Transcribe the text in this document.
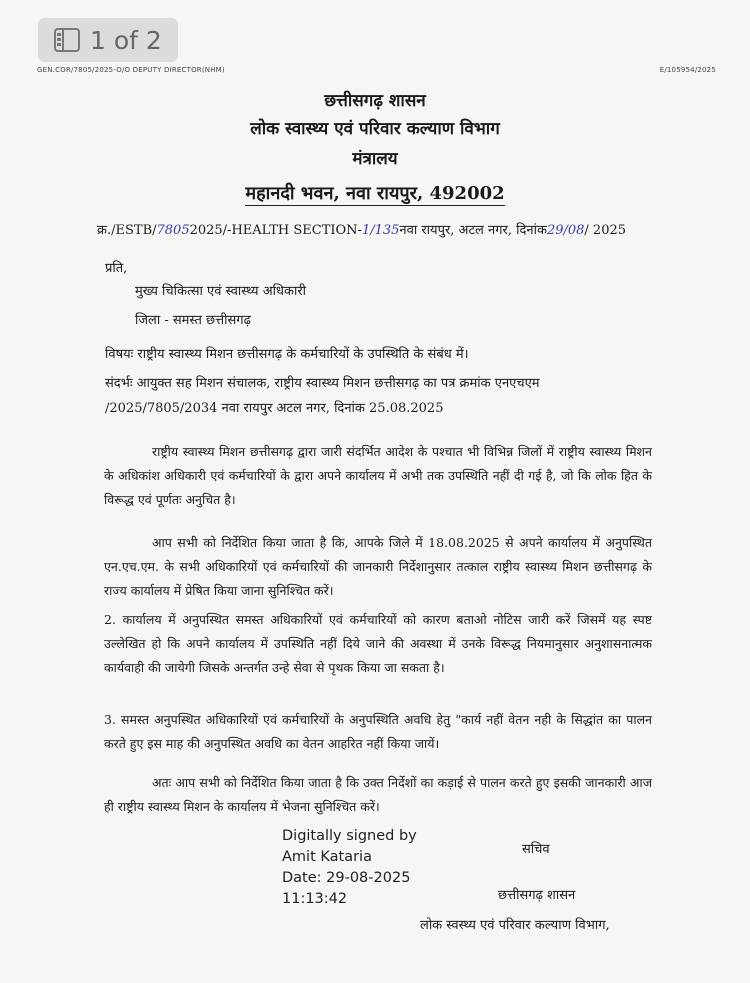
1 of 2
GEN.COR/7805/2025-O/O DEPUTY DIRECTOR(NHM)	E/105954/2025
छत्तीसगढ़ शासन
लोक स्वास्थ्य एवं परिवार कल्याण विभाग
मंत्रालय
महानदी भवन, नवा रायपुर, 492002
क्र./ESTB/78052025/-HEALTH SECTION-1/135नवा रायपुर, अटल नगर, दिनांक29/08/ 2025
प्रति,
मुख्य चिकित्सा एवं स्वास्थ्य अधिकारी
जिला - समस्त छत्तीसगढ़
विषयः राष्ट्रीय स्वास्थ्य मिशन छत्तीसगढ़ के कर्मचारियों के उपस्थिति के संबंध में।
संदर्भः आयुक्त सह मिशन संचालक, राष्ट्रीय स्वास्थ्य मिशन छत्तीसगढ़ का पत्र क्रमांक एनएचएम
/2025/7805/2034 नवा रायपुर अटल नगर, दिनांक 25.08.2025
राष्ट्रीय स्वास्थ्य मिशन छत्तीसगढ़ द्वारा जारी संदर्भित आदेश के पश्चात भी विभिन्न जिलों में राष्ट्रीय स्वास्थ्य मिशन के अधिकांश अधिकारी एवं कर्मचारियों के द्वारा अपने कार्यालय में अभी तक उपस्थिति नहीं दी गई है, जो कि लोक हित के विरूद्ध एवं पूर्णतः अनुचित है।
आप सभी को निर्देशित किया जाता है कि, आपके जिले में 18.08.2025 से अपने कार्यालय में अनुपस्थित एन.एच.एम. के सभी अधिकारियों एवं कर्मचारियों की जानकारी निर्देशानुसार तत्काल राष्ट्रीय स्वास्थ्य मिशन छत्तीसगढ़ के राज्य कार्यालय में प्रेषित किया जाना सुनिश्चित करें।
2. कार्यालय में अनुपस्थित समस्त अधिकारियों एवं कर्मचारियों को कारण बताओ नोटिस जारी करें जिसमें यह स्पष्ट उल्लेखित हो कि अपने कार्यालय में उपस्थिति नहीं दिये जाने की अवस्था में उनके विरूद्ध नियमानुसार अनुशासनात्मक कार्यवाही की जायेगी जिसके अन्तर्गत उन्हे सेवा से पृथक किया जा सकता है।
3. समस्त अनुपस्थित अधिकारियों एवं कर्मचारियों के अनुपस्थिति अवधि हेतु "कार्य नहीं वेतन नही के सिद्धांत का पालन करते हुए इस माह की अनुपस्थित अवधि का वेतन आहरित नहीं किया जायें।
अतः आप सभी को निर्देशित किया जाता है कि उक्त निर्देशों का कड़ाई से पालन करते हुए इसकी जानकारी आज ही राष्ट्रीय स्वास्थ्य मिशन के कार्यालय में भेजना सुनिश्चित करें।
Digitally signed by
Amit Kataria
Date: 29-08-2025
11:13:42
सचिव
छत्तीसगढ़ शासन
लोक स्वस्थ्य एवं परिवार कल्याण विभाग,
